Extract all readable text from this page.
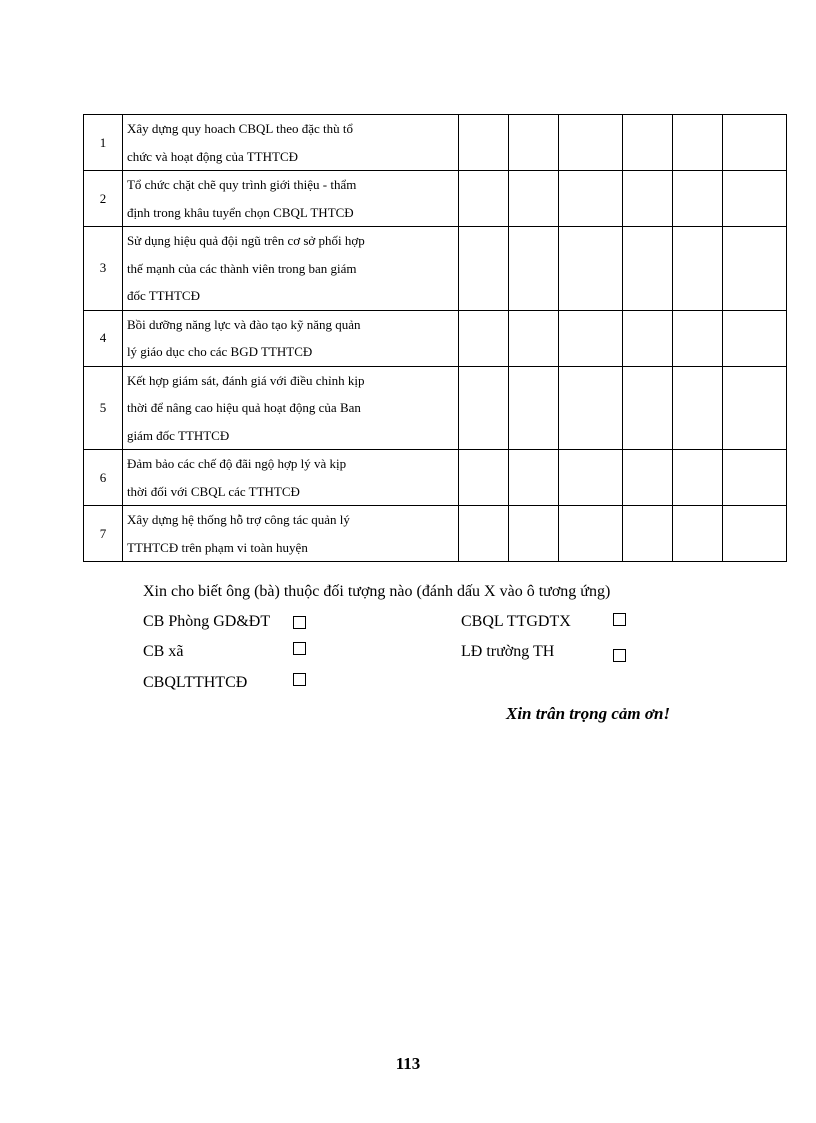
1	Xây dựng quy hoach CBQL theo đặc thù tổ
chức và hoạt động của TTHTCĐ						

2	Tổ chức chặt chẽ quy trình giới thiệu - thẩm
định trong khâu tuyển chọn CBQL THTCĐ						

3	Sử dụng hiệu quả đội ngũ trên cơ sở phối hợp
thế mạnh của các thành viên trong ban giám
đốc TTHTCĐ						

4	Bồi dưỡng năng lực và đào tạo kỹ năng quản
lý giáo dục cho các BGD TTHTCĐ						

5	Kết hợp giám sát, đánh giá với điều chỉnh kịp
thời để nâng cao hiệu quả hoạt động của Ban
giám đốc TTHTCĐ						

6	Đảm bảo các chế độ đãi ngộ hợp lý và kịp
thời đối với CBQL các TTHTCĐ						

7	Xây dựng hệ thống hỗ trợ công tác quản lý
TTHTCĐ trên phạm vi toàn huyện						

Xin cho biết ông (bà) thuộc đối tượng nào (đánh dấu X vào ô tương ứng)
CB Phòng GD&ĐT	CBQL TTGDTX
CB xã	LĐ trường TH
CBQLTTHTCĐ
Xin trân trọng cảm ơn!
113
